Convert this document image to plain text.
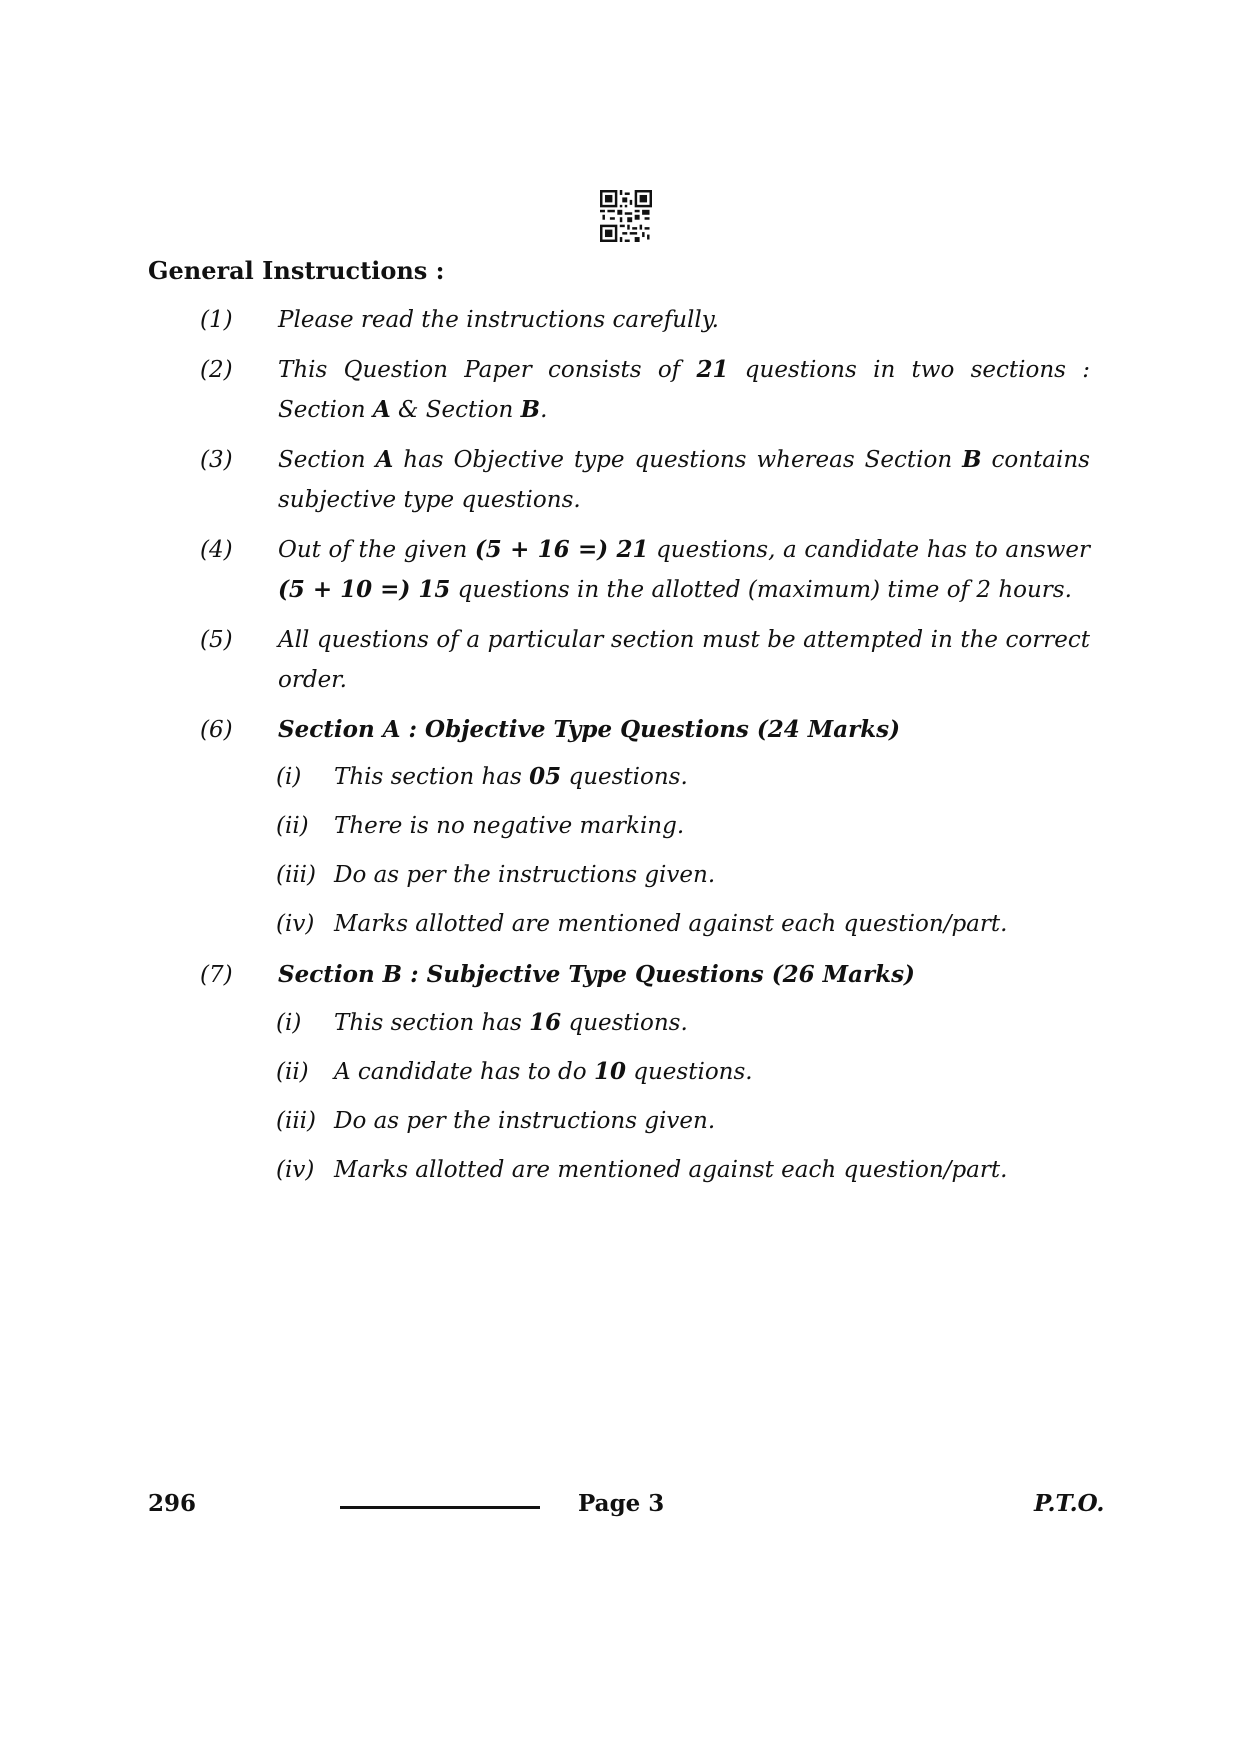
General Instructions :
(1)	Please read the instructions carefully.
(2)	This Question Paper consists of 21 questions in two sections : Section A & Section B.
(3)	Section A has Objective type questions whereas Section B contains subjective type questions.
(4)	Out of the given (5 + 16 =) 21 questions, a candidate has to answer (5 + 10 =) 15 questions in the allotted (maximum) time of 2 hours.
(5)	All questions of a particular section must be attempted in the correct order.
(6)	Section A : Objective Type Questions (24 Marks)
(7)	Section B : Subjective Type Questions (26 Marks)
(i)	This section has 05 questions.
(ii)	There is no negative marking.
(iii) Do as per the instructions given.
(iv) Marks allotted are mentioned against each question/part.
(i)	This section has 16 questions.
(ii)	A candidate has to do 10 questions.
(iii) Do as per the instructions given.
(iv) Marks allotted are mentioned against each question/part.
296	Page 3	P.T.O.
